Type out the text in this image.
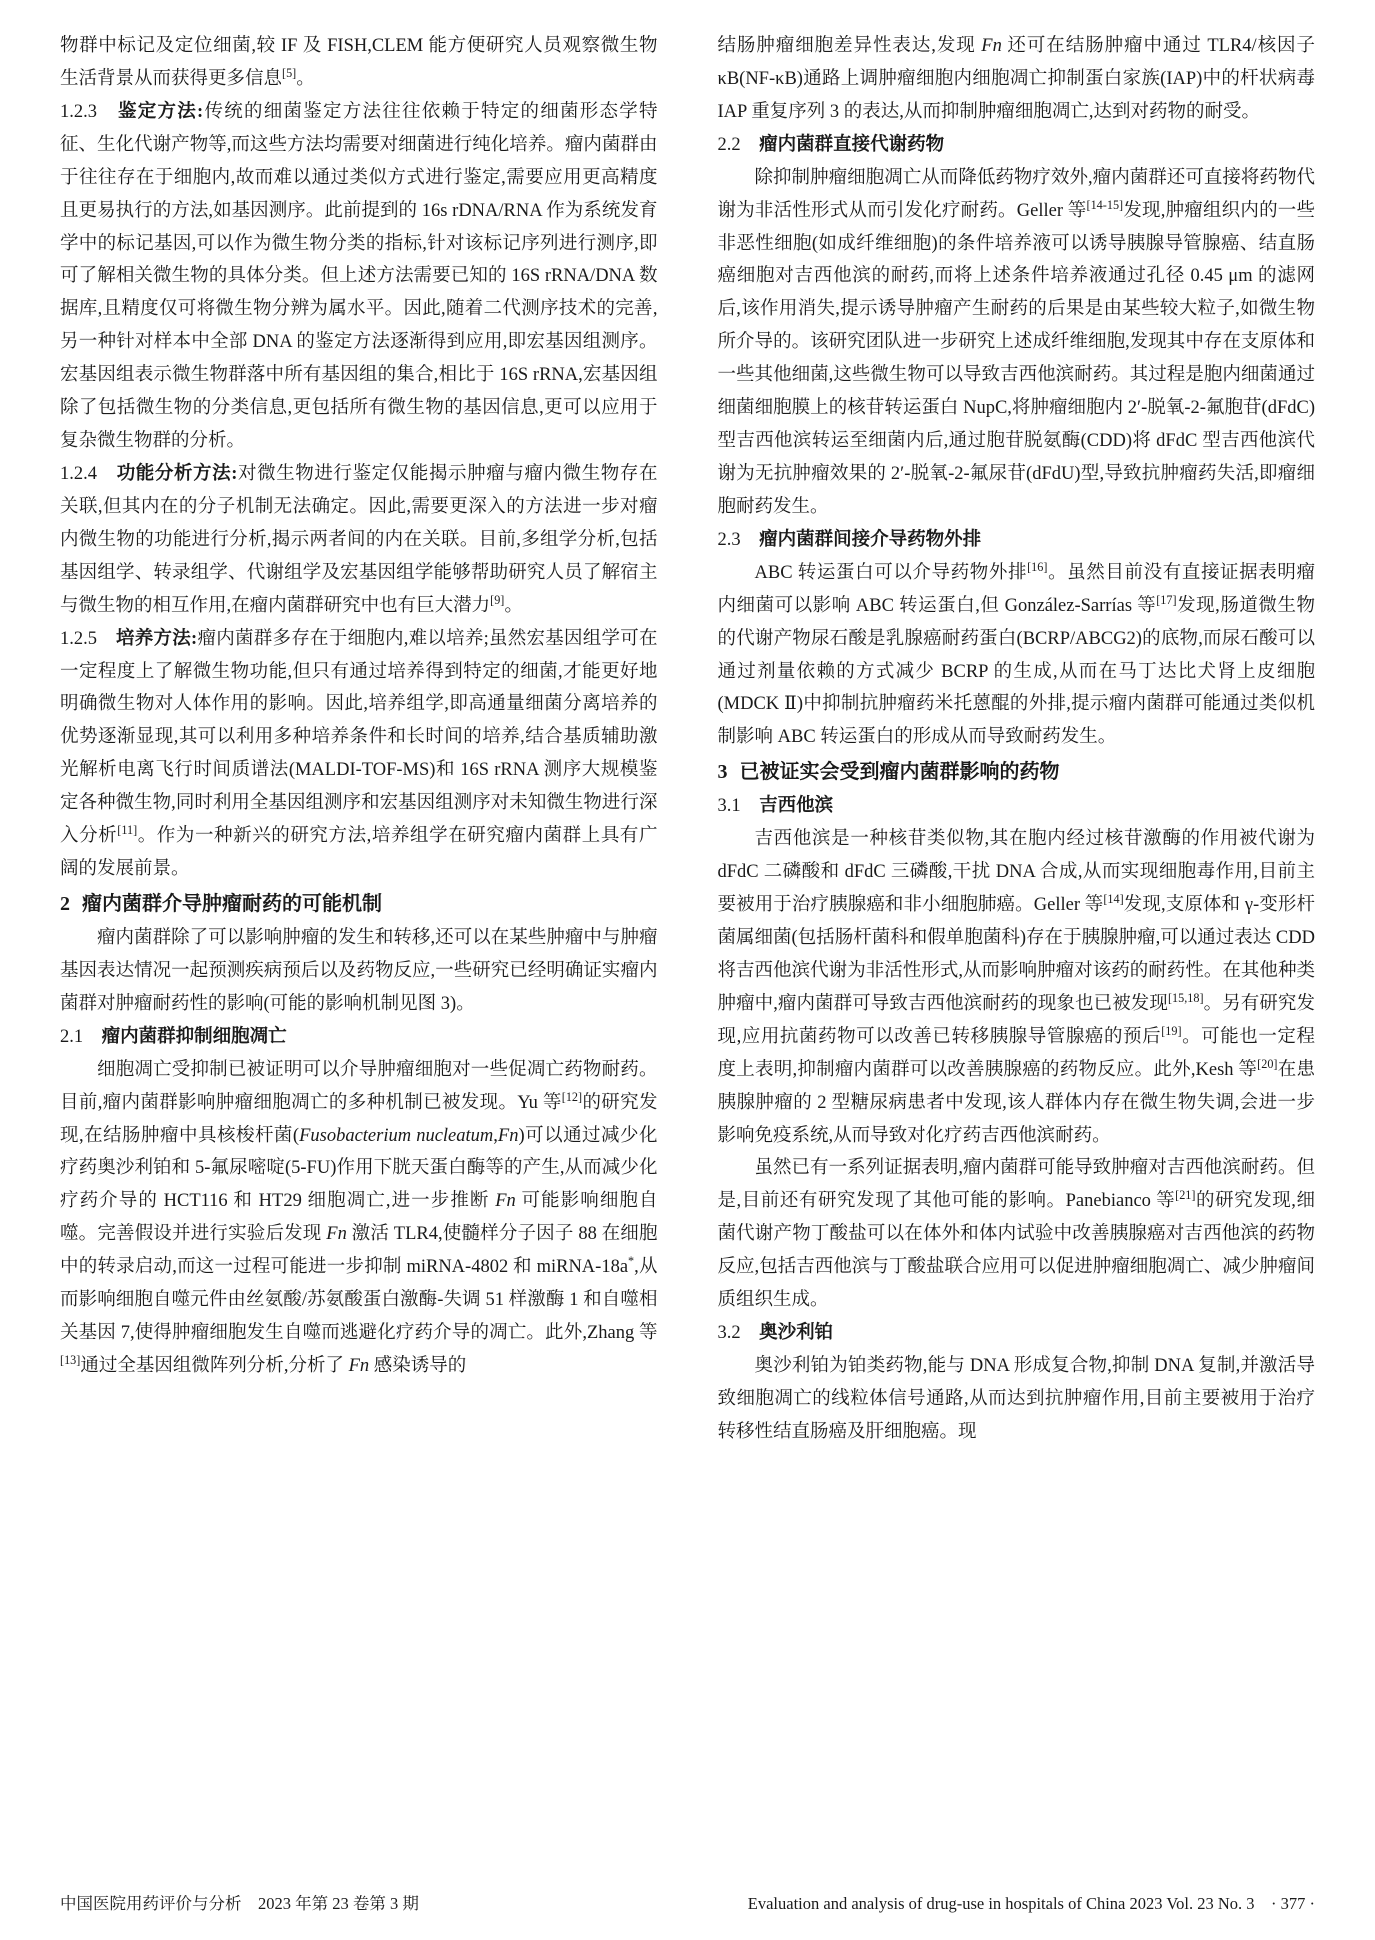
物群中标记及定位细菌,较 IF 及 FISH,CLEM 能方便研究人员观察微生物生活背景从而获得更多信息[5]。

1.2.3　 鉴定方法:传统的细菌鉴定方法往往依赖于特定的细菌形态学特征、生化代谢产物等,而这些方法均需要对细菌进行纯化培养。瘤内菌群由于往往存在于细胞内,故而难以通过类似方式进行鉴定,需要应用更高精度且更易执行的方法,如基因测序。此前提到的 16s rDNA/RNA 作为系统发育学中的标记基因,可以作为微生物分类的指标,针对该标记序列进行测序,即可了解相关微生物的具体分类。但上述方法需要已知的 16S rRNA/DNA 数据库,且精度仅可将微生物分辨为属水平。因此,随着二代测序技术的完善,另一种针对样本中全部 DNA 的鉴定方法逐渐得到应用,即宏基因组测序。宏基因组表示微生物群落中所有基因组的集合,相比于 16S rRNA,宏基因组除了包括微生物的分类信息,更包括所有微生物的基因信息,更可以应用于复杂微生物群的分析。

1.2.4　 功能分析方法:对微生物进行鉴定仅能揭示肿瘤与瘤内微生物存在关联,但其内在的分子机制无法确定。因此,需要更深入的方法进一步对瘤内微生物的功能进行分析,揭示两者间的内在关联。目前,多组学分析,包括基因组学、转录组学、代谢组学及宏基因组学能够帮助研究人员了解宿主与微生物的相互作用,在瘤内菌群研究中也有巨大潜力[9]。

1.2.5　 培养方法:瘤内菌群多存在于细胞内,难以培养;虽然宏基因组学可在一定程度上了解微生物功能,但只有通过培养得到特定的细菌,才能更好地明确微生物对人体作用的影响。因此,培养组学,即高通量细菌分离培养的优势逐渐显现,其可以利用多种培养条件和长时间的培养,结合基质辅助激光解析电离飞行时间质谱法(MALDI-TOF-MS)和 16S rRNA 测序大规模鉴定各种微生物,同时利用全基因组测序和宏基因组测序对未知微生物进行深入分析[11]。作为一种新兴的研究方法,培养组学在研究瘤内菌群上具有广阔的发展前景。

2 瘤内菌群介导肿瘤耐药的可能机制

瘤内菌群除了可以影响肿瘤的发生和转移,还可以在某些肿瘤中与肿瘤基因表达情况一起预测疾病预后以及药物反应,一些研究已经明确证实瘤内菌群对肿瘤耐药性的影响(可能的影响机制见图 3)。

2.1　 瘤内菌群抑制细胞凋亡

细胞凋亡受抑制已被证明可以介导肿瘤细胞对一些促凋亡药物耐药。目前,瘤内菌群影响肿瘤细胞凋亡的多种机制已被发现。Yu 等[12]的研究发现,在结肠肿瘤中具核梭杆菌(Fusobacterium nucleatum,Fn)可以通过减少化疗药奥沙利铂和 5-氟尿嘧啶(5-FU)作用下胱天蛋白酶等的产生,从而减少化疗药介导的 HCT116 和 HT29 细胞凋亡,进一步推断 Fn 可能影响细胞自噬。完善假设并进行实验后发现 Fn 激活 TLR4,使髓样分子因子 88 在细胞中的转录启动,而这一过程可能进一步抑制 miRNA-4802 和 miRNA-18a*,从而影响细胞自噬元件由丝氨酸/苏氨酸蛋白激酶-失调 51 样激酶 1 和自噬相关基因 7,使得肿瘤细胞发生自噬而逃避化疗药介导的凋亡。此外,Zhang 等[13]通过全基因组微阵列分析,分析了 Fn 感染诱导的

结肠肿瘤细胞差异性表达,发现 Fn 还可在结肠肿瘤中通过 TLR4/核因子 κB(NF-κB)通路上调肿瘤细胞内细胞凋亡抑制蛋白家族(IAP)中的杆状病毒 IAP 重复序列 3 的表达,从而抑制肿瘤细胞凋亡,达到对药物的耐受。

2.2　 瘤内菌群直接代谢药物

除抑制肿瘤细胞凋亡从而降低药物疗效外,瘤内菌群还可直接将药物代谢为非活性形式从而引发化疗耐药。Geller 等[14-15]发现,肿瘤组织内的一些非恶性细胞(如成纤维细胞)的条件培养液可以诱导胰腺导管腺癌、结直肠癌细胞对吉西他滨的耐药,而将上述条件培养液通过孔径 0.45 μm 的滤网后,该作用消失,提示诱导肿瘤产生耐药的后果是由某些较大粒子,如微生物所介导的。该研究团队进一步研究上述成纤维细胞,发现其中存在支原体和一些其他细菌,这些微生物可以导致吉西他滨耐药。其过程是胞内细菌通过细菌细胞膜上的核苷转运蛋白 NupC,将肿瘤细胞内 2′-脱氧-2-氟胞苷(dFdC)型吉西他滨转运至细菌内后,通过胞苷脱氨酶(CDD)将 dFdC 型吉西他滨代谢为无抗肿瘤效果的 2′-脱氧-2-氟尿苷(dFdU)型,导致抗肿瘤药失活,即瘤细胞耐药发生。

2.3　 瘤内菌群间接介导药物外排

ABC 转运蛋白可以介导药物外排[16]。虽然目前没有直接证据表明瘤内细菌可以影响 ABC 转运蛋白,但 González-Sarrías 等[17]发现,肠道微生物的代谢产物尿石酸是乳腺癌耐药蛋白(BCRP/ABCG2)的底物,而尿石酸可以通过剂量依赖的方式减少 BCRP 的生成,从而在马丁达比犬肾上皮细胞(MDCK Ⅱ)中抑制抗肿瘤药米托蒽醌的外排,提示瘤内菌群可能通过类似机制影响 ABC 转运蛋白的形成从而导致耐药发生。

3 已被证实会受到瘤内菌群影响的药物

3.1　 吉西他滨

吉西他滨是一种核苷类似物,其在胞内经过核苷激酶的作用被代谢为 dFdC 二磷酸和 dFdC 三磷酸,干扰 DNA 合成,从而实现细胞毒作用,目前主要被用于治疗胰腺癌和非小细胞肺癌。Geller 等[14]发现,支原体和 γ-变形杆菌属细菌(包括肠杆菌科和假单胞菌科)存在于胰腺肿瘤,可以通过表达 CDD 将吉西他滨代谢为非活性形式,从而影响肿瘤对该药的耐药性。在其他种类肿瘤中,瘤内菌群可导致吉西他滨耐药的现象也已被发现[15,18]。另有研究发现,应用抗菌药物可以改善已转移胰腺导管腺癌的预后[19]。可能也一定程度上表明,抑制瘤内菌群可以改善胰腺癌的药物反应。此外,Kesh 等[20]在患胰腺肿瘤的 2 型糖尿病患者中发现,该人群体内存在微生物失调,会进一步影响免疫系统,从而导致对化疗药吉西他滨耐药。

虽然已有一系列证据表明,瘤内菌群可能导致肿瘤对吉西他滨耐药。但是,目前还有研究发现了其他可能的影响。Panebianco 等[21]的研究发现,细菌代谢产物丁酸盐可以在体外和体内试验中改善胰腺癌对吉西他滨的药物反应,包括吉西他滨与丁酸盐联合应用可以促进肿瘤细胞凋亡、减少肿瘤间质组织生成。

3.2　 奥沙利铂

奥沙利铂为铂类药物,能与 DNA 形成复合物,抑制 DNA 复制,并激活导致细胞凋亡的线粒体信号通路,从而达到抗肿瘤作用,目前主要被用于治疗转移性结直肠癌及肝细胞癌。现

中国医院用药评价与分析　2023 年第 23 卷第 3 期	Evaluation and analysis of drug-use in hospitals of China 2023 Vol. 23 No. 3　· 377 ·
